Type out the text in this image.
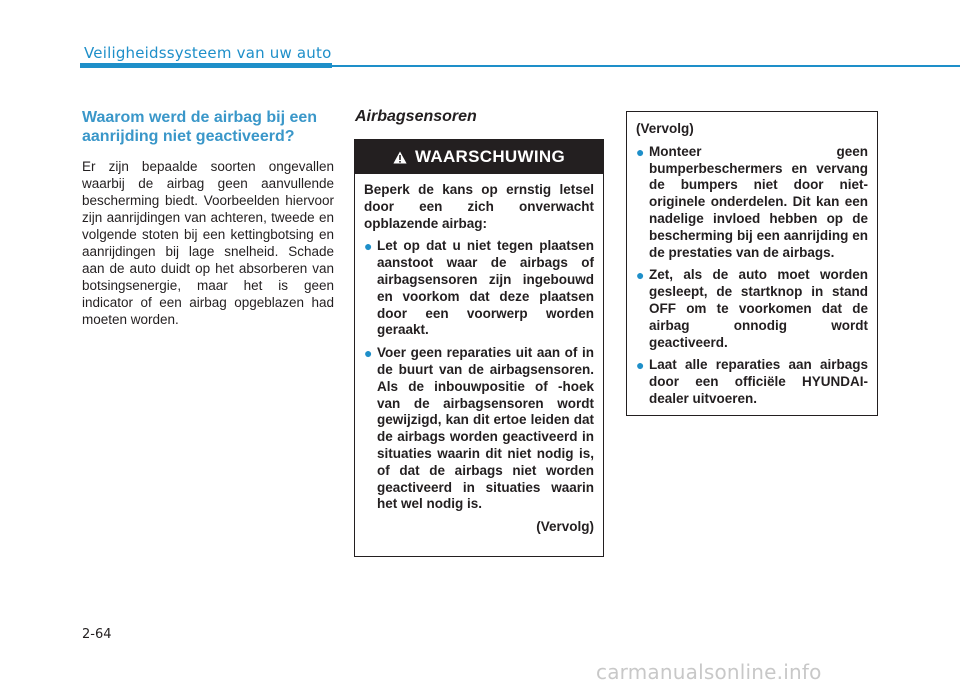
Veiligheidssysteem van uw auto
Waarom werd de airbag bij een aanrijding niet geactiveerd?

Er zijn bepaalde soorten ongevallen waarbij de airbag geen aanvullende bescherming biedt. Voorbeelden hiervoor zijn aanrijdingen van achteren, tweede en volgende stoten bij een kettingbotsing en aanrijdingen bij lage snelheid. Schade aan de auto duidt op het absorberen van botsingsenergie, maar het is geen indicator of een airbag opgeblazen had moeten worden.

Airbagsensoren
WAARSCHUWING

Beperk de kans op ernstig letsel door een zich onverwacht opblazende airbag:

● Let op dat u niet tegen plaatsen aanstoot waar de airbags of airbagsensoren zijn ingebouwd en voorkom dat deze plaatsen door een voorwerp worden geraakt.
● Voer geen reparaties uit aan of in de buurt van de airbagsensoren. Als de inbouwpositie of -hoek van de airbagsensoren wordt gewijzigd, kan dit ertoe leiden dat de airbags worden geactiveerd in situaties waarin dit niet nodig is, of dat de airbags niet worden geactiveerd in situaties waarin het wel nodig is.

(Vervolg)

(Vervolg)

● Monteer geen bumperbeschermers en vervang de bumpers niet door niet-originele onderdelen. Dit kan een nadelige invloed hebben op de bescherming bij een aanrijding en de prestaties van de airbags.
● Zet, als de auto moet worden gesleept, de startknop in stand OFF om te voorkomen dat de airbag onnodig wordt geactiveerd.
● Laat alle reparaties aan airbags door een officiële HYUNDAI-dealer uitvoeren.
2-64
carmanualsonline.info
